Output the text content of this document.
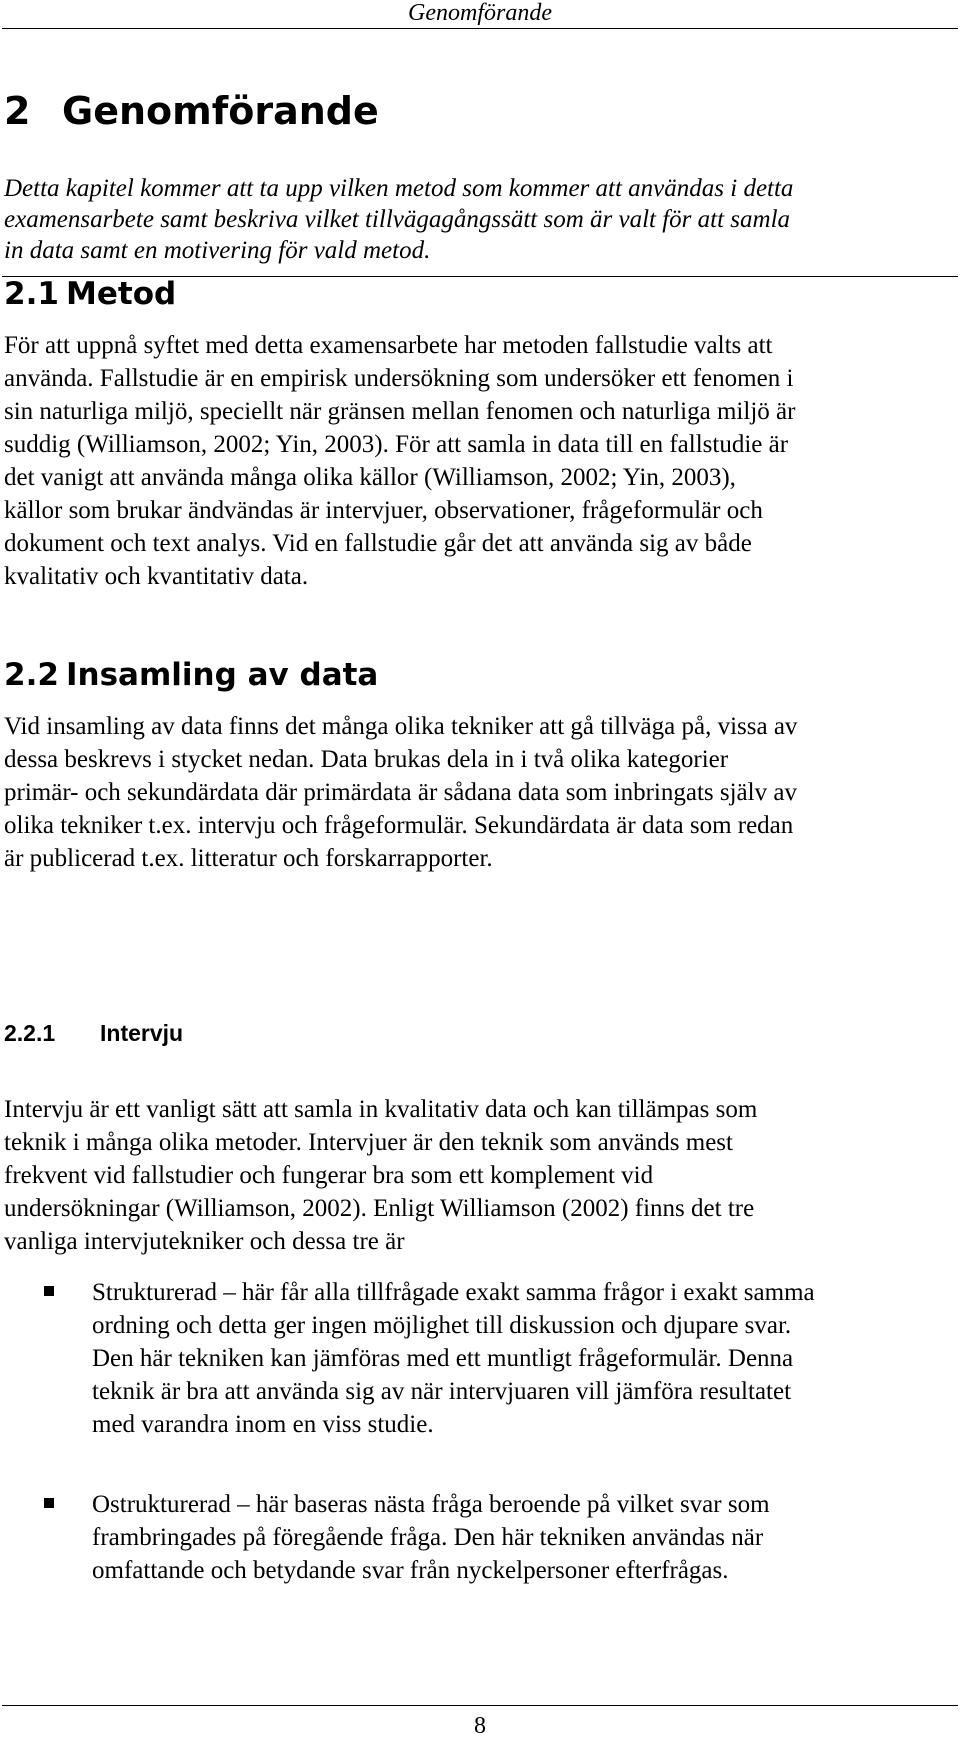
Genomförande
2 Genomförande

Detta kapitel kommer att ta upp vilken metod som kommer att användas i detta
examensarbete samt beskriva vilket tillvägagångssätt som är valt för att samla
in data samt en motivering för vald metod.

2.1 Metod

För att uppnå syftet med detta examensarbete har metoden fallstudie valts att
använda. Fallstudie är en empirisk undersökning som undersöker ett fenomen i
sin naturliga miljö, speciellt när gränsen mellan fenomen och naturliga miljö är
suddig (Williamson, 2002; Yin, 2003). För att samla in data till en fallstudie är
det vanigt att använda många olika källor (Williamson, 2002; Yin, 2003),
källor som brukar ändvändas är intervjuer, observationer, frågeformulär och
dokument och text analys. Vid en fallstudie går det att använda sig av både
kvalitativ och kvantitativ data.

2.2 Insamling av data

Vid insamling av data finns det många olika tekniker att gå tillväga på, vissa av
dessa beskrevs i stycket nedan. Data brukas dela in i två olika kategorier
primär- och sekundärdata där primärdata är sådana data som inbringats själv av
olika tekniker t.ex. intervju och frågeformulär. Sekundärdata är data som redan
är publicerad t.ex. litteratur och forskarrapporter.

2.2.1 Intervju

Intervju är ett vanligt sätt att samla in kvalitativ data och kan tillämpas som
teknik i många olika metoder. Intervjuer är den teknik som används mest
frekvent vid fallstudier och fungerar bra som ett komplement vid
undersökningar (Williamson, 2002). Enligt Williamson (2002) finns det tre
vanliga intervjutekniker och dessa tre är

Strukturerad – här får alla tillfrågade exakt samma frågor i exakt samma
ordning och detta ger ingen möjlighet till diskussion och djupare svar.
Den här tekniken kan jämföras med ett muntligt frågeformulär. Denna
teknik är bra att använda sig av när intervjuaren vill jämföra resultatet
med varandra inom en viss studie.

Ostrukturerad – här baseras nästa fråga beroende på vilket svar som
frambringades på föregående fråga. Den här tekniken användas när
omfattande och betydande svar från nyckelpersoner efterfrågas.

8
